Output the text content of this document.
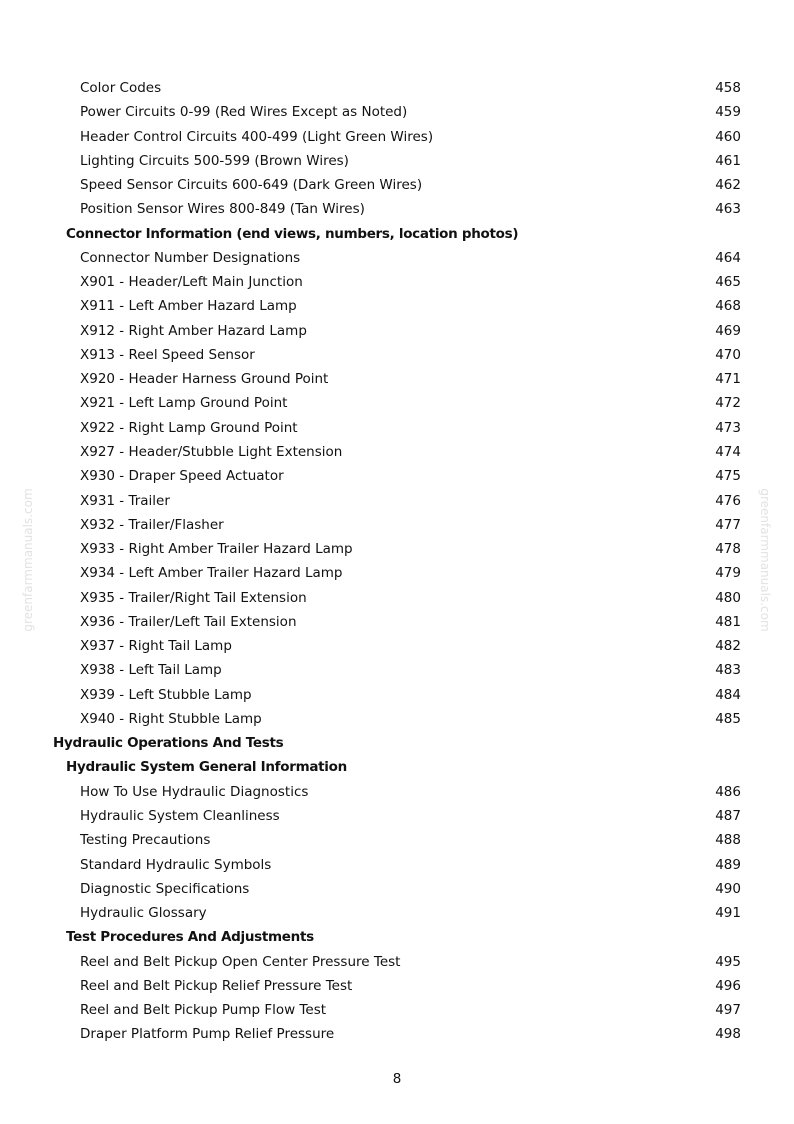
greenfarmmanuals.com	greenfarmmanuals.com
Color Codes	458
Power Circuits 0-99 (Red Wires Except as Noted)	459
Header Control Circuits 400-499 (Light Green Wires)	460
Lighting Circuits 500-599 (Brown Wires)	461
Speed Sensor Circuits 600-649 (Dark Green Wires)	462
Position Sensor Wires 800-849 (Tan Wires)	463
Connector Information (end views, numbers, location photos)
Connector Number Designations	464
X901 - Header/Left Main Junction	465
X911 - Left Amber Hazard Lamp	468
X912 - Right Amber Hazard Lamp	469
X913 - Reel Speed Sensor	470
X920 - Header Harness Ground Point	471
X921 - Left Lamp Ground Point	472
X922 - Right Lamp Ground Point	473
X927 - Header/Stubble Light Extension	474
X930 - Draper Speed Actuator	475
X931 - Trailer	476
X932 - Trailer/Flasher	477
X933 - Right Amber Trailer Hazard Lamp	478
X934 - Left Amber Trailer Hazard Lamp	479
X935 - Trailer/Right Tail Extension	480
X936 - Trailer/Left Tail Extension	481
X937 - Right Tail Lamp	482
X938 - Left Tail Lamp	483
X939 - Left Stubble Lamp	484
X940 - Right Stubble Lamp	485
Hydraulic Operations And Tests
Hydraulic System General Information
How To Use Hydraulic Diagnostics	486
Hydraulic System Cleanliness	487
Testing Precautions	488
Standard Hydraulic Symbols	489
Diagnostic Specifications	490
Hydraulic Glossary	491
Test Procedures And Adjustments
Reel and Belt Pickup Open Center Pressure Test	495
Reel and Belt Pickup Relief Pressure Test	496
Reel and Belt Pickup Pump Flow Test	497
Draper Platform Pump Relief Pressure	498
8
